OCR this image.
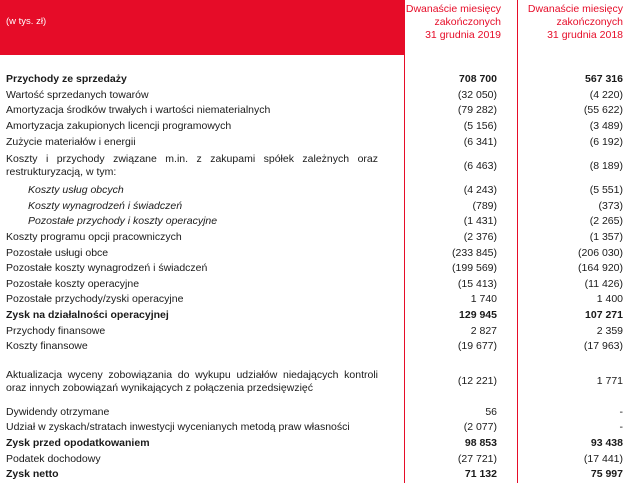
(w tys. zł)
Dwanaście miesięcy
zakończonych
31 grudnia 2019
Dwanaście miesięcy
zakończonych
31 grudnia 2018
Przychody ze sprzedaży	708 700	567 316
Wartość sprzedanych towarów	(32 050)	(4 220)
Amortyzacja środków trwałych i wartości niematerialnych	(79 282)	(55 622)
Amortyzacja zakupionych licencji programowych	(5 156)	(3 489)
Zużycie materiałów i energii	(6 341)	(6 192)
Koszty i przychody związane m.in. z zakupami spółek zależnych oraz restrukturyzacją, w tym:
(6 463)	(8 189)
Koszty usług obcych	(4 243)	(5 551)
Koszty wynagrodzeń i świadczeń	(789)	(373)
Pozostałe przychody i koszty operacyjne	(1 431)	(2 265)
Koszty programu opcji pracowniczych	(2 376)	(1 357)
Pozostałe usługi obce	(233 845)	(206 030)
Pozostałe koszty wynagrodzeń i świadczeń	(199 569)	(164 920)
Pozostałe koszty operacyjne	(15 413)	(11 426)
Pozostałe przychody/zyski operacyjne	1 740	1 400
Zysk na działalności operacyjnej	129 945	107 271
Przychody finansowe	2 827	2 359
Koszty finansowe	(19 677)	(17 963)
Aktualizacja wyceny zobowiązania do wykupu udziałów niedających kontroli oraz innych zobowiązań wynikających z połączenia przedsięwzięć
(12 221)	1 771
Dywidendy otrzymane	56	-
Udział w zyskach/stratach inwestycji wycenianych metodą praw własności	(2 077)	-
Zysk przed opodatkowaniem	98 853	93 438
Podatek dochodowy	(27 721)	(17 441)
Zysk netto	71 132	75 997
